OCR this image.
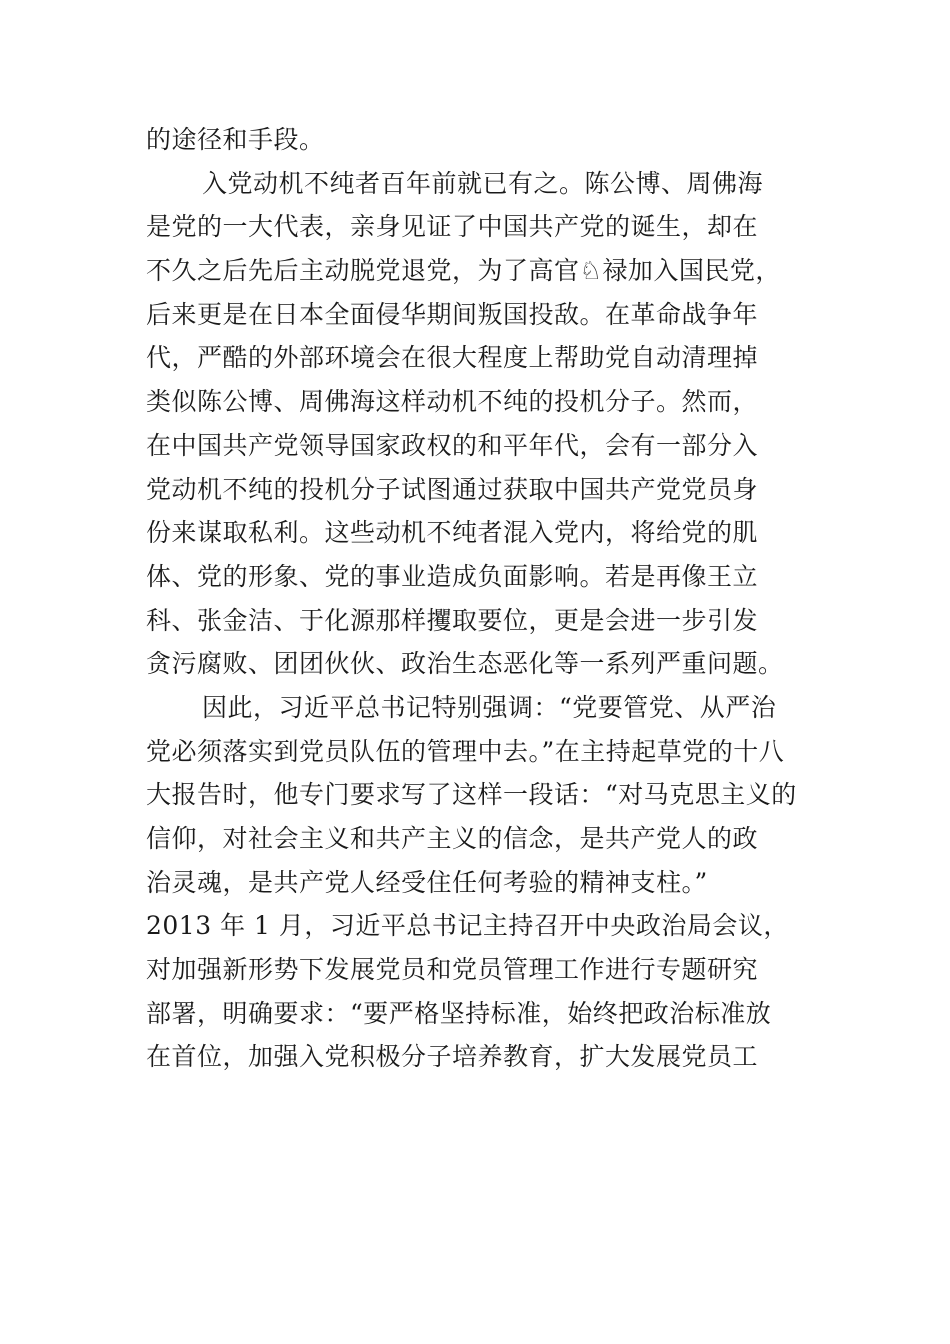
的途径和手段。
入党动机不纯者百年前就已有之。陈公博、周佛海
是党的一大代表，亲身见证了中国共产党的诞生，却在
不久之后先后主动脱党退党，为了高官♘禄加入国民党，
后来更是在日本全面侵华期间叛国投敌。在革命战争年
代，严酷的外部环境会在很大程度上帮助党自动清理掉
类似陈公博、周佛海这样动机不纯的投机分子。然而，
在中国共产党领导国家政权的和平年代，会有一部分入
党动机不纯的投机分子试图通过获取中国共产党党员身
份来谋取私利。这些动机不纯者混入党内，将给党的肌
体、党的形象、党的事业造成负面影响。若是再像王立
科、张金洁、于化源那样攫取要位，更是会进一步引发
贪污腐败、团团伙伙、政治生态恶化等一系列严重问题。
因此，习近平总书记特别强调：“党要管党、从严治
党必须落实到党员队伍的管理中去。”在主持起草党的十八
大报告时，他专门要求写了这样一段话：“对马克思主义的
信仰，对社会主义和共产主义的信念，是共产党人的政
治灵魂，是共产党人经受住任何考验的精神支柱。”
2013 年 1 月，习近平总书记主持召开中央政治局会议，
对加强新形势下发展党员和党员管理工作进行专题研究
部署，明确要求：“要严格坚持标准，始终把政治标准放
在首位，加强入党积极分子培养教育，扩大发展党员工
